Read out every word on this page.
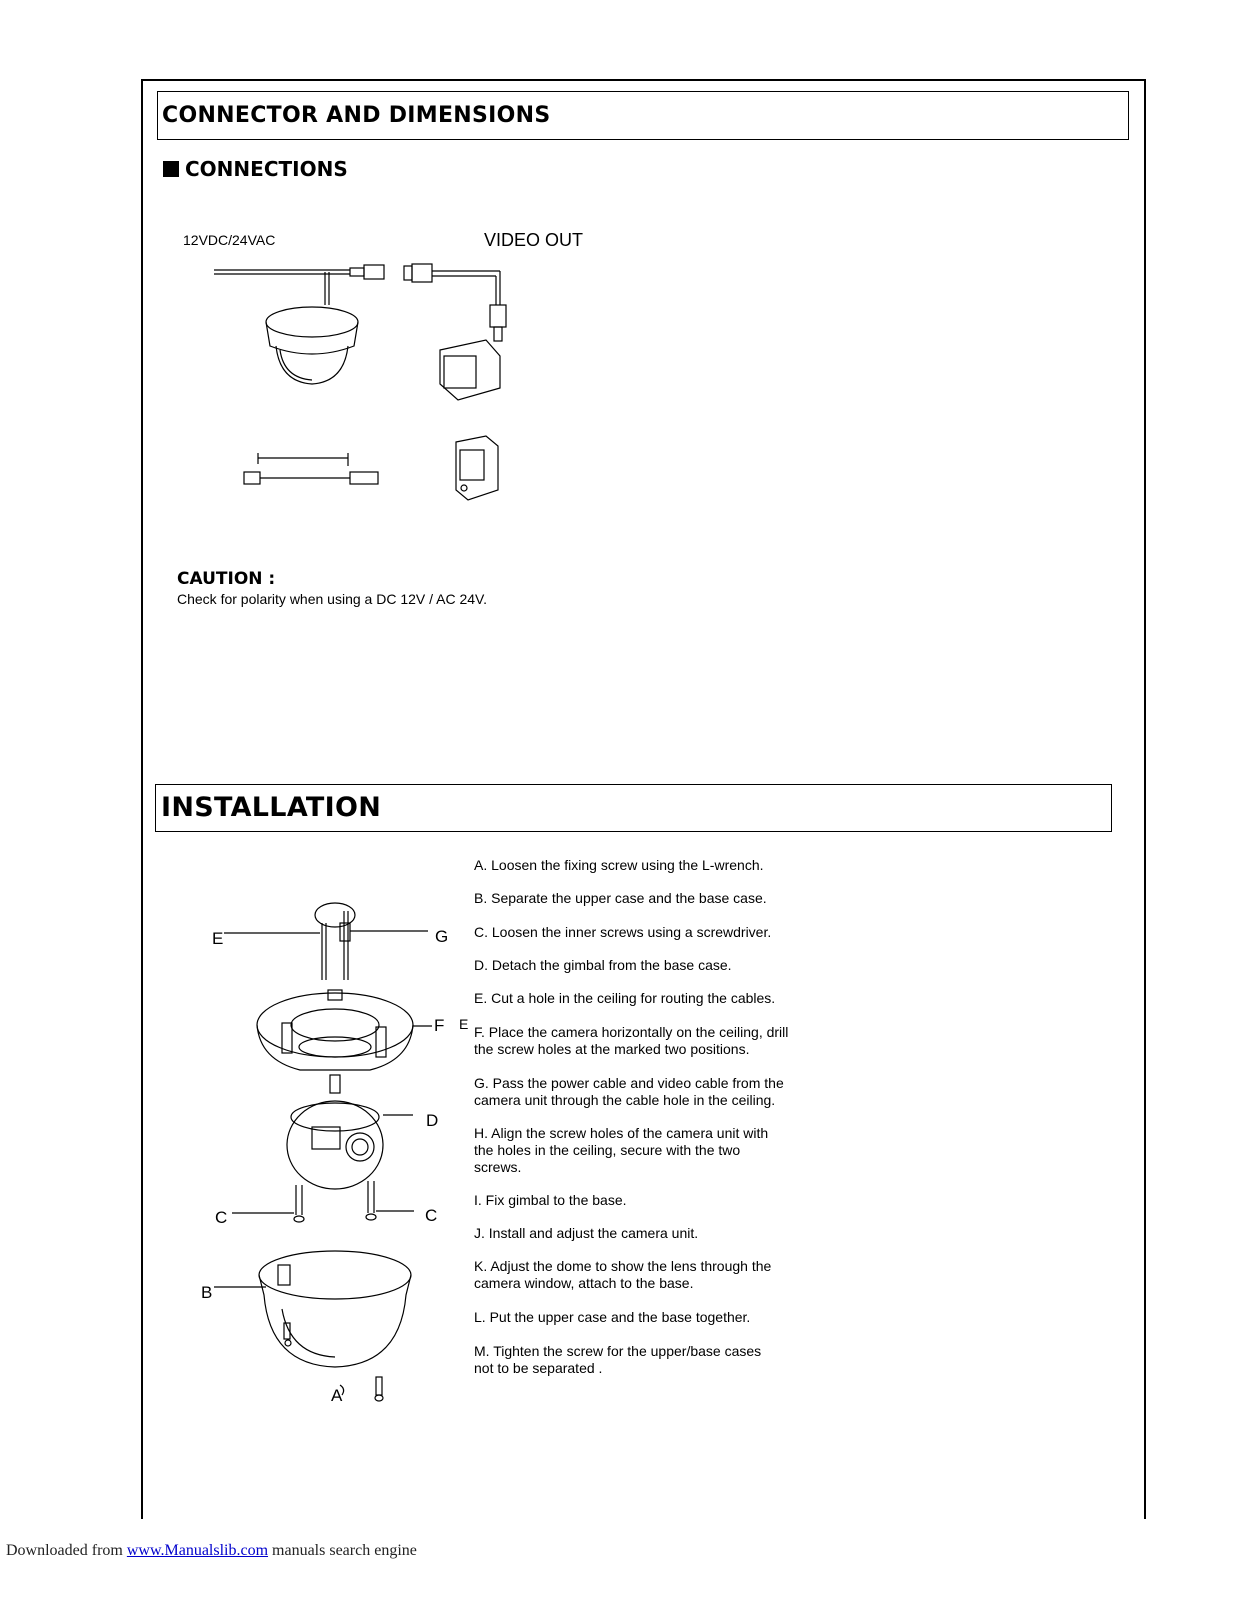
CONNECTOR AND DIMENSIONS
CONNECTIONS
12VDC/24VAC	VIDEO OUT
CAUTION :
Check for polarity when using a DC 12V / AC 24V.
INSTALLATION
A. Loosen the fixing screw using the L-wrench.
B. Separate the upper case and the base case.
C. Loosen the inner screws using a screwdriver.
D. Detach the gimbal from the base case.
E. Cut a hole in the ceiling for routing the cables.
F. Place the camera horizontally on the ceiling, drill the screw holes at the marked two positions.
G. Pass the power cable and video cable from the camera unit through the cable hole in the ceiling.
H. Align the screw holes of the camera unit with the holes in the ceiling, secure with the two screws.
I. Fix gimbal to the base.
J. Install and adjust the camera unit.
K. Adjust the dome to show the lens through the camera window, attach to the base.
L. Put the upper case and the base together.
M. Tighten the screw for the upper/base cases not to be separated .
E	G
F E
D
C	C
B
A
Downloaded from www.Manualslib.com manuals search engine
